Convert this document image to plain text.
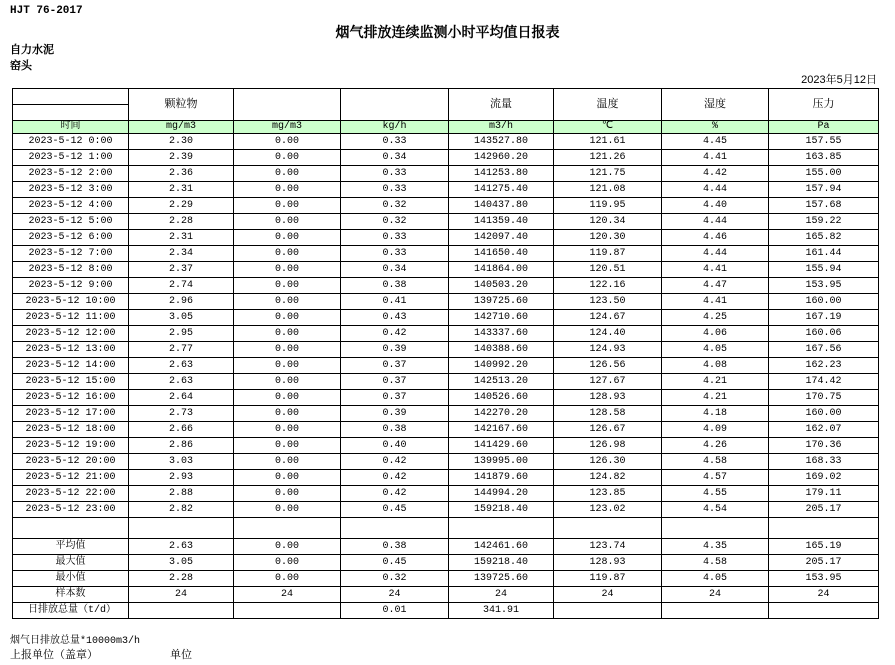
HJT 76-2017
烟气排放连续监测小时平均值日报表
自力水泥
窑头
2023年5月12日
	颗粒物			流量	温度	湿度	压力

时间	mg/m3	mg/m3	kg/h	m3/h	℃	%	Pa
2023-5-12 0:00	2.30	0.00	0.33	143527.80	121.61	4.45	157.55
2023-5-12 1:00	2.39	0.00	0.34	142960.20	121.26	4.41	163.85
2023-5-12 2:00	2.36	0.00	0.33	141253.80	121.75	4.42	155.00
2023-5-12 3:00	2.31	0.00	0.33	141275.40	121.08	4.44	157.94
2023-5-12 4:00	2.29	0.00	0.32	140437.80	119.95	4.40	157.68
2023-5-12 5:00	2.28	0.00	0.32	141359.40	120.34	4.44	159.22
2023-5-12 6:00	2.31	0.00	0.33	142097.40	120.30	4.46	165.82
2023-5-12 7:00	2.34	0.00	0.33	141650.40	119.87	4.44	161.44
2023-5-12 8:00	2.37	0.00	0.34	141864.00	120.51	4.41	155.94
2023-5-12 9:00	2.74	0.00	0.38	140503.20	122.16	4.47	153.95
2023-5-12 10:00	2.96	0.00	0.41	139725.60	123.50	4.41	160.00
2023-5-12 11:00	3.05	0.00	0.43	142710.60	124.67	4.25	167.19
2023-5-12 12:00	2.95	0.00	0.42	143337.60	124.40	4.06	160.06
2023-5-12 13:00	2.77	0.00	0.39	140388.60	124.93	4.05	167.56
2023-5-12 14:00	2.63	0.00	0.37	140992.20	126.56	4.08	162.23
2023-5-12 15:00	2.63	0.00	0.37	142513.20	127.67	4.21	174.42
2023-5-12 16:00	2.64	0.00	0.37	140526.60	128.93	4.21	170.75
2023-5-12 17:00	2.73	0.00	0.39	142270.20	128.58	4.18	160.00
2023-5-12 18:00	2.66	0.00	0.38	142167.60	126.67	4.09	162.07
2023-5-12 19:00	2.86	0.00	0.40	141429.60	126.98	4.26	170.36
2023-5-12 20:00	3.03	0.00	0.42	139995.00	126.30	4.58	168.33
2023-5-12 21:00	2.93	0.00	0.42	141879.60	124.82	4.57	169.02
2023-5-12 22:00	2.88	0.00	0.42	144994.20	123.85	4.55	179.11
2023-5-12 23:00	2.82	0.00	0.45	159218.40	123.02	4.54	205.17

平均值	2.63	0.00	0.38	142461.60	123.74	4.35	165.19
最大值	3.05	0.00	0.45	159218.40	128.93	4.58	205.17
最小值	2.28	0.00	0.32	139725.60	119.87	4.05	153.95
样本数	24	24	24	24	24	24	24
日排放总量（t/d）			0.01	341.91			
烟气日排放总量*10000m3/h
上报单位（盖章）	单位
